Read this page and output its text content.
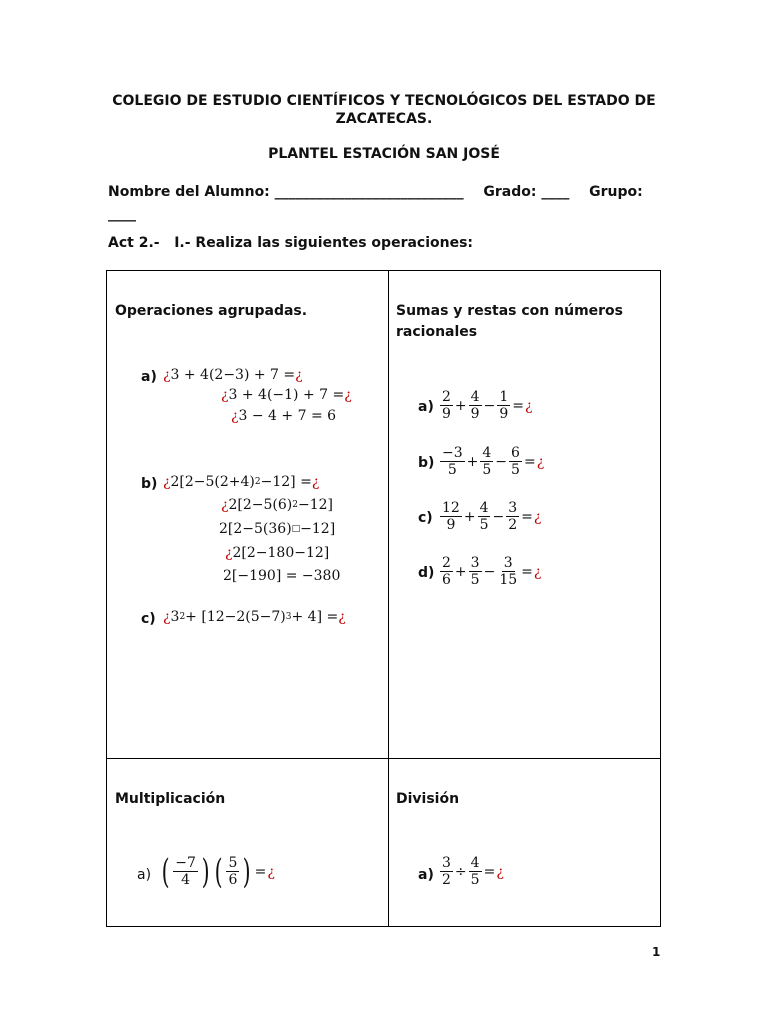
COLEGIO DE ESTUDIO CIENTÍFICOS Y TECNOLÓGICOS DEL ESTADO DE ZACATECAS.
PLANTEL ESTACIÓN SAN JOSÉ
Nombre del Alumno: ___________________________ Grado: ____ Grupo: ____
Act 2.- I.- Realiza las siguientes operaciones:
Operaciones agrupadas.
a) ¿ 3 + 4(2−3) + 7 = ¿
¿ 3 + 4(−1) + 7 = ¿
¿ 3 − 4 + 7 = 6
b) ¿ 2[2−5(2+4) 2 −12] = ¿
¿ 2[2−5(6) 2 −12]
2[2−5(36) □ −12]
¿ 2[2−180−12]
2[−190] = −380
c) ¿ 3 2 + [12−2(5−7) 3 + 4] = ¿
Sumas y restas con números racionales
$a) \frac{2}{9} + \frac{4}{9} - \frac{1}{9}$ = ¿
$b) \frac{-3}{5} + \frac{4}{5} - \frac{6}{5}$ = ¿
$c) \frac{12}{9} + \frac{4}{5} - \frac{3}{2}$ = ¿
$d) \frac{2}{6} + \frac{3}{5} - \frac{3}{15}$ = ¿
Multiplicación
a) ( $\frac{-7}{4}$ ) ( $\frac{5}{6}$ ) = ¿
División
$a) \frac{3}{2} \div \frac{4}{5}$ = ¿
1
